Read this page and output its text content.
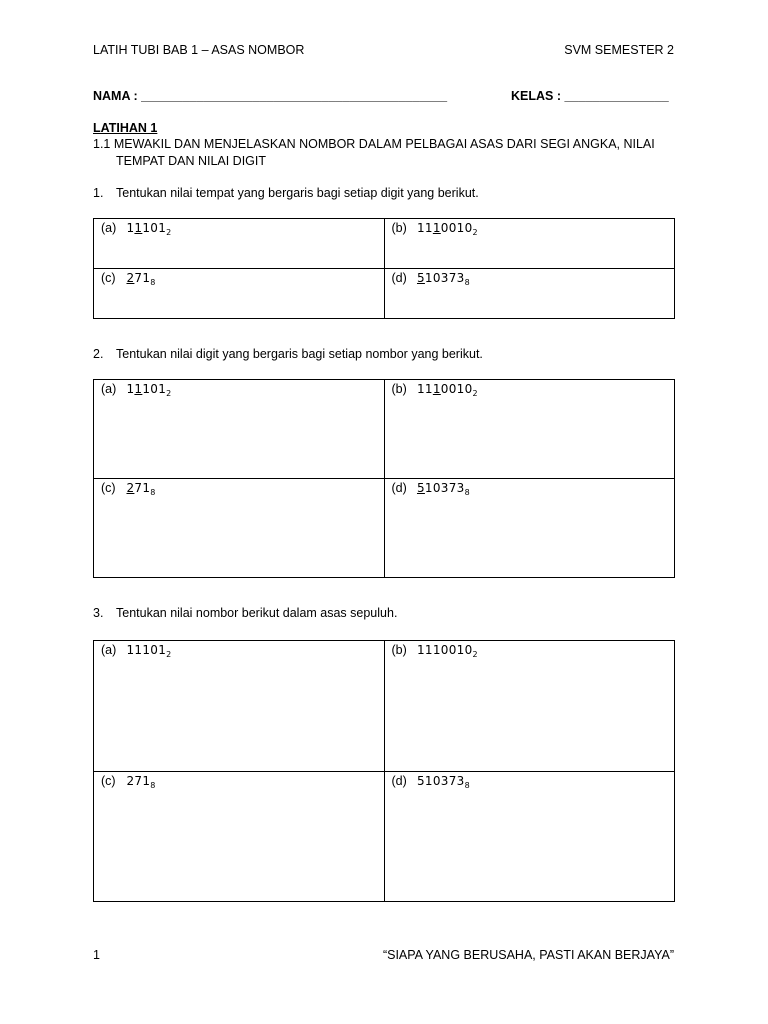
LATIH TUBI BAB 1 – ASAS NOMBOR	SVM SEMESTER 2
NAMA : ____________________________________________	KELAS : _______________
LATIHAN 1
1.1 MEWAKIL DAN MENJELASKAN NOMBOR DALAM PELBAGAI ASAS DARI SEGI ANGKA, NILAI
TEMPAT DAN NILAI DIGIT
1. Tentukan nilai tempat yang bergaris bagi setiap digit yang berikut.
(a) $11101_2$	(b) $1110010_2$
(c) $271_8$	(d) $510373_8$
2. Tentukan nilai digit yang bergaris bagi setiap nombor yang berikut.
(a) $11101_2$	(b) $1110010_2$
(c) $271_8$	(d) $510373_8$
3. Tentukan nilai nombor berikut dalam asas sepuluh.
(a) $11101_2$	(b) $1110010_2$
(c) $271_8$	(d) $510373_8$
1	“SIAPA YANG BERUSAHA, PASTI AKAN BERJAYA”
